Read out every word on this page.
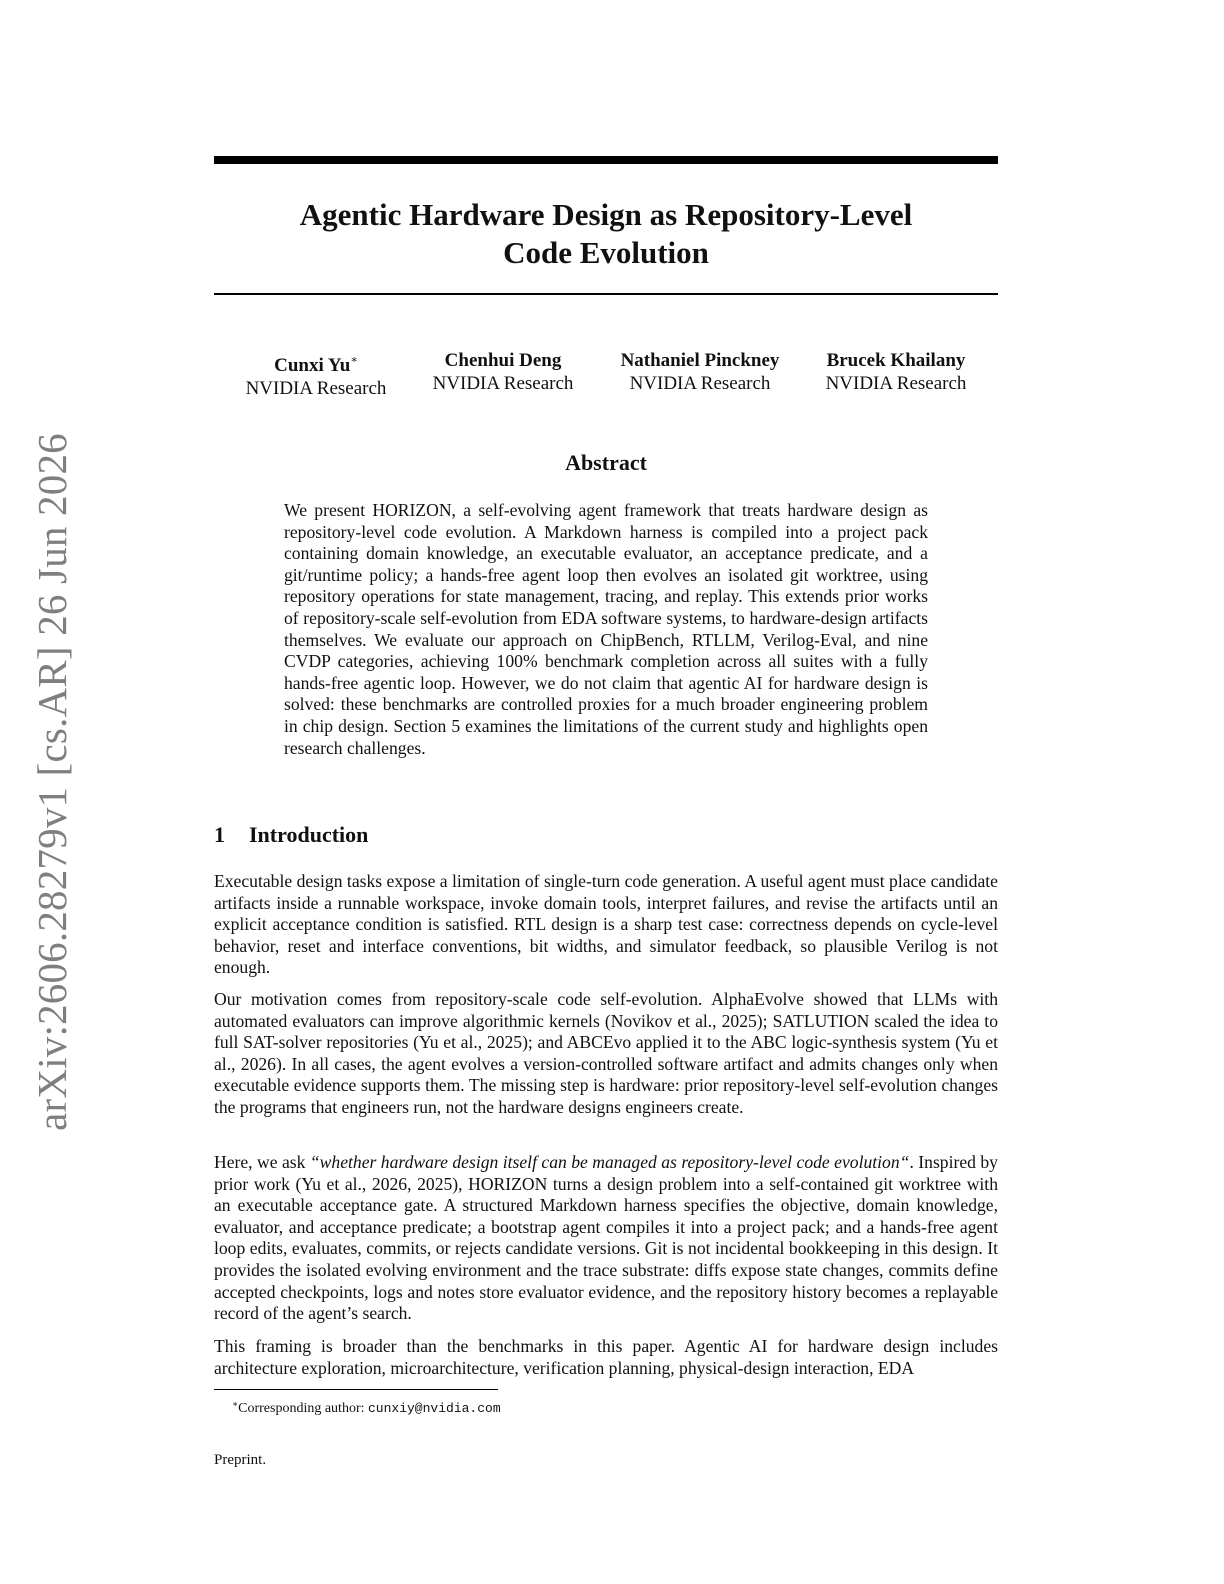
arXiv:2606.28279v1 [cs.AR] 26 Jun 2026
Agentic Hardware Design as Repository-Level
Code Evolution
Cunxi Yu∗
NVIDIA Research
Chenhui Deng
NVIDIA Research
Nathaniel Pinckney
NVIDIA Research
Brucek Khailany
NVIDIA Research
Abstract

We present HORIZON, a self-evolving agent framework that treats hardware design as repository-level code evolution. A Markdown harness is compiled into a project pack containing domain knowledge, an executable evaluator, an acceptance predicate, and a git/runtime policy; a hands-free agent loop then evolves an isolated git worktree, using repository operations for state management, tracing, and replay. This extends prior works of repository-scale self-evolution from EDA software systems, to hardware-design artifacts themselves. We evaluate our approach on ChipBench, RTLLM, Verilog-Eval, and nine CVDP categories, achieving 100% benchmark completion across all suites with a fully hands-free agentic loop. However, we do not claim that agentic AI for hardware design is solved: these benchmarks are controlled proxies for a much broader engineering problem in chip design. Section 5 examines the limitations of the current study and highlights open research challenges.

1 Introduction

Executable design tasks expose a limitation of single-turn code generation. A useful agent must place candidate artifacts inside a runnable workspace, invoke domain tools, interpret failures, and revise the artifacts until an explicit acceptance condition is satisfied. RTL design is a sharp test case: correctness depends on cycle-level behavior, reset and interface conventions, bit widths, and simulator feedback, so plausible Verilog is not enough.

Our motivation comes from repository-scale code self-evolution. AlphaEvolve showed that LLMs with automated evaluators can improve algorithmic kernels (Novikov et al., 2025); SATLUTION scaled the idea to full SAT-solver repositories (Yu et al., 2025); and ABCEvo applied it to the ABC logic-synthesis system (Yu et al., 2026). In all cases, the agent evolves a version-controlled software artifact and admits changes only when executable evidence supports them. The missing step is hardware: prior repository-level self-evolution changes the programs that engineers run, not the hardware designs engineers create.

Here, we ask “whether hardware design itself can be managed as repository-level code evolution“. Inspired by prior work (Yu et al., 2026, 2025), HORIZON turns a design problem into a self-contained git worktree with an executable acceptance gate. A structured Markdown harness specifies the objective, domain knowledge, evaluator, and acceptance predicate; a bootstrap agent compiles it into a project pack; and a hands-free agent loop edits, evaluates, commits, or rejects candidate versions. Git is not incidental bookkeeping in this design. It provides the isolated evolving environment and the trace substrate: diffs expose state changes, commits define accepted checkpoints, logs and notes store evaluator evidence, and the repository history becomes a replayable record of the agent’s search.

This framing is broader than the benchmarks in this paper. Agentic AI for hardware design includes architecture exploration, microarchitecture, verification planning, physical-design interaction, EDA

∗Corresponding author: cunxiy@nvidia.com

Preprint.
